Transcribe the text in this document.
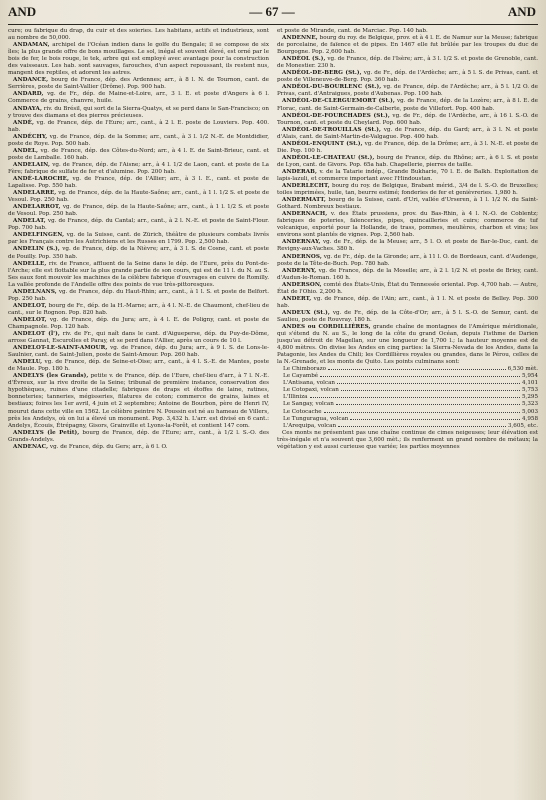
AND	— 67 —	AND

cure; ou fabrique du drap, du cuir et des soieries. Les habitans, actifs et industrieux, sont au nombre de 50,000.

ANDAMAN, archipel de l'Océan indien dans le golfe du Bengale; il se compose de six îles; la plus grande offre de bons mouillages. Le sol, inégal et souvent élevé, est orné par le bois de fer, le bois rouge, le tek, arbre qui est employé avec avantage pour la construction des vaisseaux. Les hab. sont sauvages, farouches, d'un aspect repoussant, ils restent nus, mangent des reptiles, et adorent les astres.

ANDANCE, bourg de France, dép. des Ardennes; arr., à 8 l. N. de Tournon, cant. de Serrières, poste de Saint-Vallier (Drôme). Pop. 900 hab.

ANDARD, vg. de Fr., dép. de Maine-et-Loire, arr., 3 l. E. et poste d'Angers à 6 l. Commerce de grains, chanvre, huile.

ANDAYA, riv. du Brésil, qui sort de la Sierra-Quatys, et se perd dans le San-Francisco; on y trouve des diamans et des pierres précieuses.

ANDÉ, vg. de France, dép. de l'Eure; arr., cant., à 2 l. E. poste de Louviers. Pop. 400. hab.

ANDÉCHY, vg. de France, dép. de la Somme; arr., cant., à 3 l. 1/2 N.-E. de Montdidier, poste de Roye. Pop. 500 hab.

ANDEL, vg. de France, dép. des Côtes-du-Nord; arr., à 4 l. E. de Saint-Brieuc, cant. et poste de Lamballe. 160 hab.

ANDELAIN, vg. de France, dép. de l'Aisne; arr., à 4 l. 1/2 de Laon, cant. et poste de La Fère; fabrique de sulfate de fer et d'alumine. Pop. 200 hab.

ANDÉ-LAROCHE, vg. de France, dép. de l'Allier; arr., à 3 l. E., cant. et poste de Lapalisse. Pop. 550 hab.

ANDELARRE, vg. de France, dép. de la Haute-Saône; arr., cant., à 1 l. 1/2 S. et poste de Vesoul. Pop. 250 hab.

ANDELARROT, vg. de France, dép. de la Haute-Saône; arr., cant., à 1 l. 1/2 S. et poste de Vesoul. Pop. 250 hab.

ANDELAT, vg. de France, dép. du Cantal; arr., cant., à 2 l. N.-E. et poste de Saint-Flour. Pop. 700 hab.

ANDELFINGEN, vg. de la Suisse, cant. de Zürich, théâtre de plusieurs combats livrés par les Français contre les Autrichiens et les Russes en 1799. Pop. 2,500 hab.

ANDELIN (S.), vg. de France, dép. de la Nièvre; arr., à 3 l. S. de Cosne, cant. et poste de Pouilly. Pop. 350 hab.

ANDELLE, riv. de France, affluent de la Seine dans le dép. de l'Eure, près du Pont-de-l'Arche; elle est flottable sur la plus grande partie de son cours, qui est de 11 l. du N. au S. Ses eaux font mouvoir les machines de la célèbre fabrique d'ouvrages en cuivre de Romilly. La vallée profonde de l'Andelle offre des points de vue très-pittoresques.

ANDELNANS, vg. de France, dép. du Haut-Rhin; arr., cant., à 1 l. S. et poste de Belfort. Pop. 250 hab.

ANDELOT, bourg de Fr., dép. de la H.-Marne; arr., à 4 l. N.-E. de Chaumont, chef-lieu de cant., sur le Rognon. Pop. 820 hab.

ANDELOT, vg. de France, dép. du Jura; arr., à 4 l. E. de Poligny, cant. et poste de Champagnole. Pop. 120 hab.

ANDELOT (l'), riv. de Fr., qui naît dans le cant. d'Aigueperse, dép. du Puy-de-Dôme, arrose Gannat, Escurolles et Paray, et se perd dans l'Allier, après un cours de 10 l.

ANDELOT-LE-SAINT-AMOUR, vg. de France, dép. du Jura; arr., à 9 l. S. de Lons-le-Saulnier, cant. de Saint-Julien, poste de Saint-Amour. Pop. 260 hab.

ANDELU, vg. de France, dép. de Seine-et-Oise; arr., cant., à 4 l. S.-E. de Mantes, poste de Maule. Pop. 180 h.

ANDELYS (les Grands), petite v. de France, dép. de l'Eure, chef-lieu d'arr., à 7 l. N.-E. d'Évreux, sur la rive droite de la Seine; tribunal de première instance, conservation des hypothèques, ruines d'une citadelle; fabriques de draps et étoffes de laine, ratines, bonneteries; tanneries, mégisseries, filatures de coton; commerce de grains, laines et bestiaux; foires les 1er avril, 4 juin et 2 septembre; Antoine de Bourbon, père de Henri IV, mourut dans cette ville en 1562. Le célèbre peintre N. Poussin est né au hameau de Villers, près les Andelys, où on lui a élevé un monument. Pop. 3,432 h. L'arr. est divisé en 6 cant.: Andelys, Écouis, Étrépagny, Gisors, Grainville et Lyons-la-Forêt, et contient 147 com.

ANDELYS (le Petit), bourg de France, dép. de l'Eure; arr., cant., à 1/2 l. S.-O. des Grands-Andelys.

ANDENAC, vg. de France, dép. du Gers; arr., à 6 l. O.

et poste de Mirande, cant. de Marciac. Pop. 140 hab.

ANDENNE, bourg du roy. de Belgique, prov. et à 4 l. E. de Namur sur la Meuse; fabrique de porcelaine, de faïence et de pipes. En 1467 elle fut brûlée par les troupes du duc de Bourgogne. Pop. 2,600 hab.

ANDÉOL (S.), vg. de France, dép. de l'Isère; arr., à 3 l. 1/2 S. et poste de Grenoble, cant. de Monestier. 230 h.

ANDÉOL-DE-BERG (St.), vg. de Fr., dép. de l'Ardèche; arr., à 5 l. S. de Privas, cant. et poste de Villeneuve-de-Berg. Pop. 360 hab.

ANDÉOL-DU-BOURLENC (St.), vg. de France, dép. de l'Ardèche; arr., à 5 l. 1/2 O. de Privas, cant. d'Antraigues, poste d'Aubenas. Pop. 100 hab.

ANDÉOL-DE-CLERGUEMORT (St.), vg. de France, dép. de la Lozère; arr., à 8 l. E. de Florac, cant. de Saint-Germain-de-Calberte, poste de Villefort. Pop. 400 hab.

ANDÉOL-DE-FOURCHADES (St.), vg. de Fr., dép. de l'Ardèche, arr., à 16 l. S.-O. de Tournon, cant. et poste du Cheylard. Pop. 600 hab.

ANDÉOL-DE-TROUILLAS (St.), vg. de France, dép. du Gard; arr., à 3 l. N. et poste d'Alais, cant. de Saint-Martin-de-Valgague. Pop. 400 hab.

ANDÉOL-ENQUINT (St.), vg. de France, dép. de la Drôme; arr., à 3 l. N.-E. et poste de Die. Pop. 100 h.

ANDÉOL-LE-CHATEAU (St.), bourg de France, dép. du Rhône; arr., à 6 l. S. et poste de Lyon, cant. de Givors. Pop. 65a hab. Chapellerie, pierres de taille.

ANDERAB, v. de la Tatarie indép., Grande Bukharie, 70 l. E. de Balkh. Exploitation de lapis-lazuli, et commerce important avec l'Hindoustan.

ANDERLECHT, bourg du roy. de Belgique, Brabant mérid., 3/4 de l. S.-O. de Bruxelles; toiles imprimées, huile, tan, beurre estimé; fonderies de fer et genièvreries. 1,980 h.

ANDERMATT, bourg de la Suisse, cant. d'Uri, vallée d'Urseren, à 1 l. 1/2 N. du Saint-Gothard. Nombreux bestiaux.

ANDERNACH, v. des États prussiens, prov. du Bas-Rhin, à 4 l. N.-O. de Coblentz; fabriques de poteries, faïenceries, pipes, quincailleries et cuirs; commerce de tuf volcanique, exporté pour la Hollande, de trass, pommes, meulières, charbon et vins; les environs sont plantés de vignes. Pop. 2,560 hab.

ANDERNAY, vg. de Fr., dép. de la Meuse; arr., 5 l. O. et poste de Bar-le-Duc, cant. de Revigny-aux-Vaches. 380 h.

ANDERNOS, vg. de Fr., dép. de la Gironde; arr., à 11 l. O. de Bordeaux, cant. d'Audenge, poste de la Tête-de-Buch. Pop. 780 hab.

ANDERNY, vg. de France, dép. de la Moselle; arr., à 2 l. 1/2 N. et poste de Briey, cant. d'Audun-le-Roman. 160 h.

ANDERSON, comté des États-Unis, État du Tennessée oriental. Pop. 4,700 hab. — Autre, État de l'Ohio. 2,200 h.

ANDERT, vg. de France, dép. de l'Ain; arr., cant., à 1 l. N. et poste de Belley. Pop. 300 hab.

ANDEUX (St.), vg. de Fr., dép. de la Côte-d'Or; arr., à 5 l. S.-O. de Semur, cant. de Saulieu, poste de Rouvray. 180 h.

ANDES ou CORDILLIÈRES, grande chaîne de montagnes de l'Amérique méridionale, qui s'étend du N. au S., le long de la côte du grand Océan, depuis l'isthme de Darien jusqu'au détroit de Magellan, sur une longueur de 1,700 l.; la hauteur moyenne est de 4,800 mètres. On divise les Andes en cinq parties: la Sierra-Nevada de los Andes, dans la Patagonie, les Andes du Chili; les Cordillières royales ou grandes, dans le Pérou, celles de la N.-Grenade, et les monts de Quito. Les points culminans sont:

Le Chimborazo	6,530 mèt.
Le Cayambé	5,954
L'Antisana, volcan	4,101
Le Cotopaxi, volcan	5,753
L'Illiniza	5,295
Le Sangay, volcan	5,323
Le Cotocache	5,003
Le Tunguragua, volcan	4,958
L'Arequipa, volcan	3,605, etc.

Ces monts ne présentent pas une chaîne continue de cimes neigeuses; leur élévation est très-inégale et n'a souvent que 3,600 mèt.; ils renferment un grand nombre de métaux; la végétation y est aussi curieuse que variée; les parties moyennes
